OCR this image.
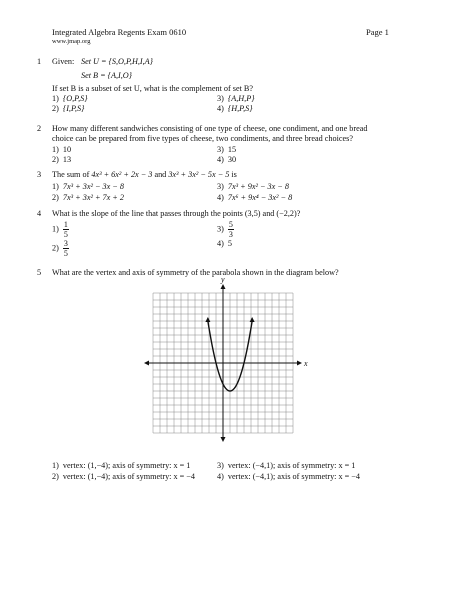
Integrated Algebra Regents Exam 0610	Page 1
www.jmap.org
1 Given: Set U = {S,O,P,H,I,A}
Set B = {A,I,O}
If set B is a subset of set U, what is the complement of set B?
1) {O,P,S}
2) {I,P,S}
3) {A,H,P}
4) {H,P,S}
2 How many different sandwiches consisting of one type of cheese, one condiment, and one bread
choice can be prepared from five types of cheese, two condiments, and three bread choices?
1) 10
2) 13
3) 15
4) 30
3 The sum of 4x³ + 6x² + 2x − 3 and 3x³ + 3x² − 5x − 5 is
1) 7x³ + 3x² − 3x − 8
2) 7x³ + 3x² + 7x + 2
3) 7x³ + 9x² − 3x − 8
4) 7x⁶ + 9x⁴ − 3x² − 8
4 What is the slope of the line that passes through the points (3,5) and (−2,2)?
$1) \frac{1}{5}$
$2) \frac{3}{5}$
$3) \frac{5}{3}$
4) 5
5 What are the vertex and axis of symmetry of the parabola shown in the diagram below?
x
y
1) vertex: (1,−4); axis of symmetry: x = 1
2) vertex: (1,−4); axis of symmetry: x = −4
3) vertex: (−4,1); axis of symmetry: x = 1
4) vertex: (−4,1); axis of symmetry: x = −4
